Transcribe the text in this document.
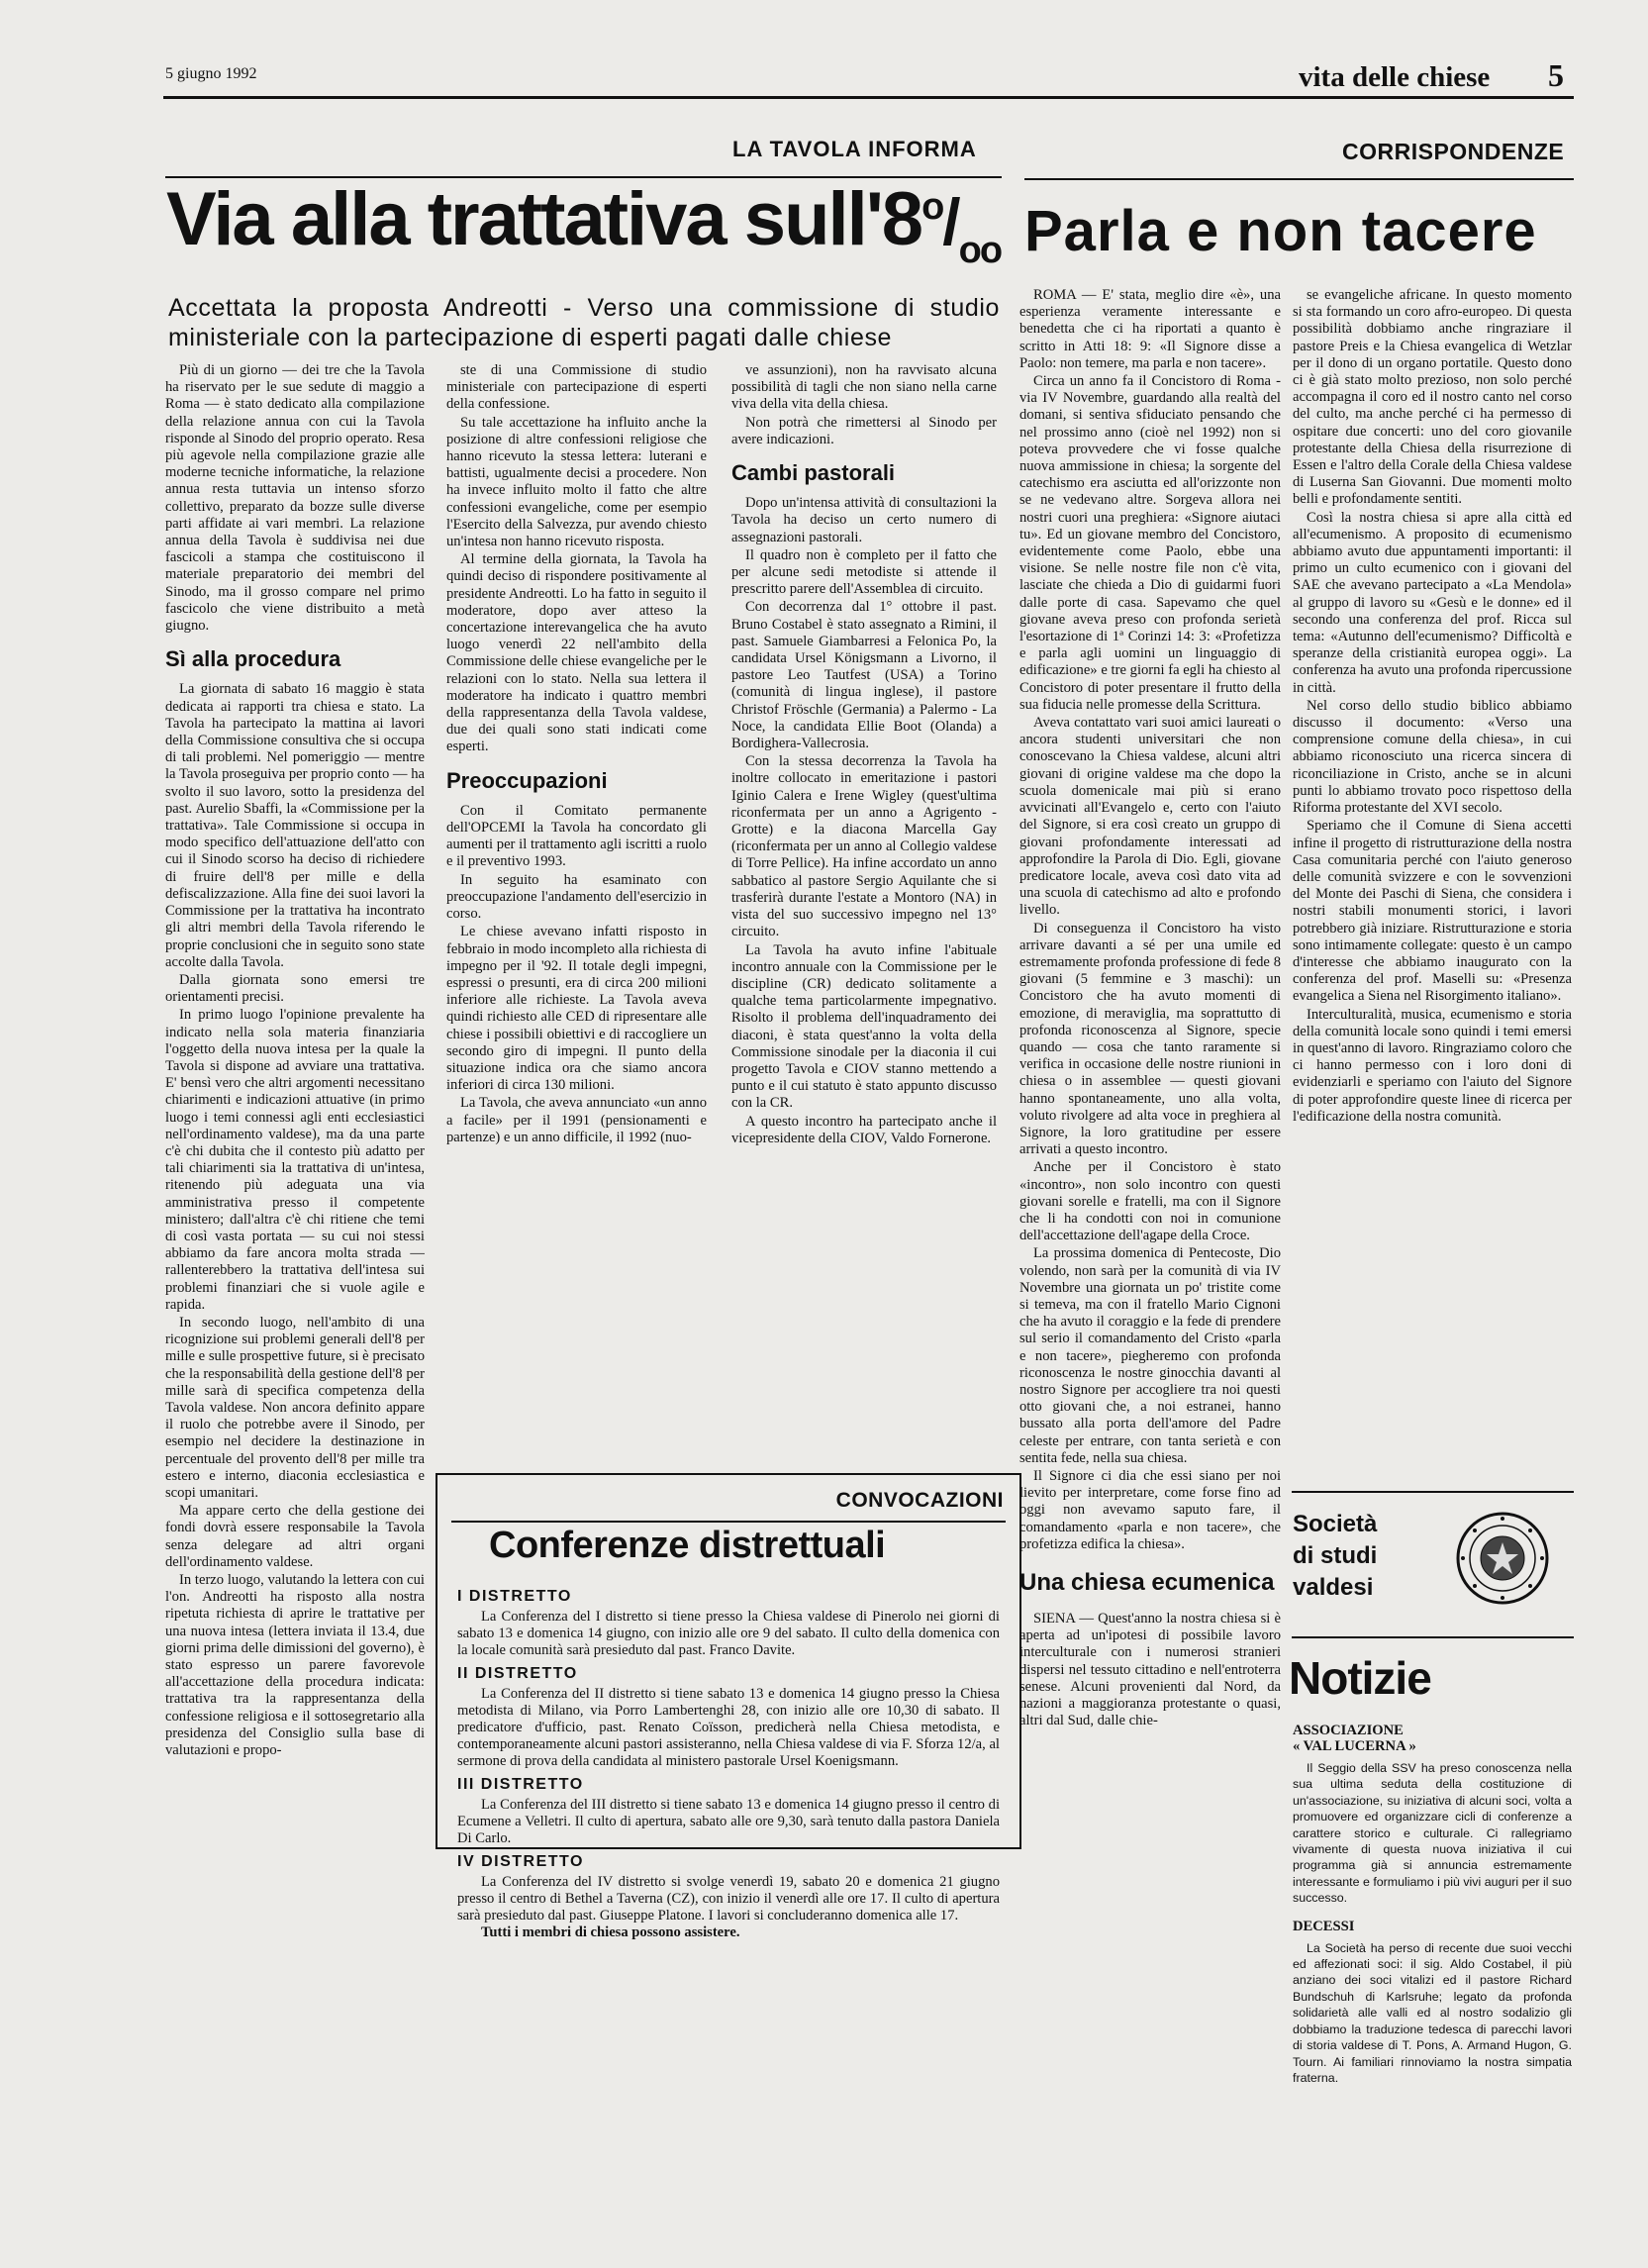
5 giugno 1992	vita delle chiese 5
LA TAVOLA INFORMA	CORRISPONDENZE
Via alla trattativa $sull'8^o/_{oo}$ Parla e non tacere
Accettata la proposta Andreotti - Verso una commissione di studio ministeriale con la partecipazione di esperti pagati dalle chiese

Più di un giorno — dei tre che la Tavola ha riservato per le sue sedute di maggio a Roma — è stato dedicato alla compilazione della relazione annua con cui la Tavola risponde al Sinodo del proprio operato. Resa più agevole nella compilazione grazie alle moderne tecniche informatiche, la relazione annua resta tuttavia un intenso sforzo collettivo, preparato da bozze sulle diverse parti affidate ai vari membri. La relazione annua della Tavola è suddivisa nei due fascicoli a stampa che costituiscono il materiale preparatorio dei membri del Sinodo, ma il grosso compare nel primo fascicolo che viene distribuito a metà giugno.

Sì alla procedura

La giornata di sabato 16 maggio è stata dedicata ai rapporti tra chiesa e stato. La Tavola ha partecipato la mattina ai lavori della Commissione consultiva che si occupa di tali problemi. Nel pomeriggio — mentre la Tavola proseguiva per proprio conto — ha svolto il suo lavoro, sotto la presidenza del past. Aurelio Sbaffi, la «Commissione per la trattativa». Tale Commissione si occupa in modo specifico dell'attuazione dell'atto con cui il Sinodo scorso ha deciso di richiedere di fruire dell'8 per mille e della defiscalizzazione. Alla fine dei suoi lavori la Commissione per la trattativa ha incontrato gli altri membri della Tavola riferendo le proprie conclusioni che in seguito sono state accolte dalla Tavola.

Dalla giornata sono emersi tre orientamenti precisi.

In primo luogo l'opinione prevalente ha indicato nella sola materia finanziaria l'oggetto della nuova intesa per la quale la Tavola si dispone ad avviare una trattativa. E' bensì vero che altri argomenti necessitano chiarimenti e indicazioni attuative (in primo luogo i temi connessi agli enti ecclesiastici nell'ordinamento valdese), ma da una parte c'è chi dubita che il contesto più adatto per tali chiarimenti sia la trattativa di un'intesa, ritenendo più adeguata una via amministrativa presso il competente ministero; dall'altra c'è chi ritiene che temi di così vasta portata — su cui noi stessi abbiamo da fare ancora molta strada — rallenterebbero la trattativa dell'intesa sui problemi finanziari che si vuole agile e rapida.

In secondo luogo, nell'ambito di una ricognizione sui problemi generali dell'8 per mille e sulle prospettive future, si è precisato che la responsabilità della gestione dell'8 per mille sarà di specifica competenza della Tavola valdese. Non ancora definito appare il ruolo che potrebbe avere il Sinodo, per esempio nel decidere la destinazione in percentuale del provento dell'8 per mille tra estero e interno, diaconia ecclesiastica e scopi umanitari.

Ma appare certo che della gestione dei fondi dovrà essere responsabile la Tavola senza delegare ad altri organi dell'ordinamento valdese.

In terzo luogo, valutando la lettera con cui l'on. Andreotti ha risposto alla nostra ripetuta richiesta di aprire le trattative per una nuova intesa (lettera inviata il 13.4, due giorni prima delle dimissioni del governo), è stato espresso un parere favorevole all'accettazione della procedura indicata: trattativa tra la rappresentanza della confessione religiosa e il sottosegretario alla presidenza del Consiglio sulla base di valutazioni e propo-

ste di una Commissione di studio ministeriale con partecipazione di esperti della confessione.

Su tale accettazione ha influito anche la posizione di altre confessioni religiose che hanno ricevuto la stessa lettera: luterani e battisti, ugualmente decisi a procedere. Non ha invece influito molto il fatto che altre confessioni evangeliche, come per esempio l'Esercito della Salvezza, pur avendo chiesto un'intesa non hanno ricevuto risposta.

Al termine della giornata, la Tavola ha quindi deciso di rispondere positivamente al presidente Andreotti. Lo ha fatto in seguito il moderatore, dopo aver atteso la concertazione interevangelica che ha avuto luogo venerdì 22 nell'ambito della Commissione delle chiese evangeliche per le relazioni con lo stato. Nella sua lettera il moderatore ha indicato i quattro membri della rappresentanza della Tavola valdese, due dei quali sono stati indicati come esperti.

Preoccupazioni

Con il Comitato permanente dell'OPCEMI la Tavola ha concordato gli aumenti per il trattamento agli iscritti a ruolo e il preventivo 1993.

In seguito ha esaminato con preoccupazione l'andamento dell'esercizio in corso.

Le chiese avevano infatti risposto in febbraio in modo incompleto alla richiesta di impegno per il '92. Il totale degli impegni, espressi o presunti, era di circa 200 milioni inferiore alle richieste. La Tavola aveva quindi richiesto alle CED di ripresentare alle chiese i possibili obiettivi e di raccogliere un secondo giro di impegni. Il punto della situazione indica ora che siamo ancora inferiori di circa 130 milioni.

La Tavola, che aveva annunciato «un anno a facile» per il 1991 (pensionamenti e partenze) e un anno difficile, il 1992 (nuo-

ve assunzioni), non ha ravvisato alcuna possibilità di tagli che non siano nella carne viva della vita della chiesa.

Non potrà che rimettersi al Sinodo per avere indicazioni.

Cambi pastorali

Dopo un'intensa attività di consultazioni la Tavola ha deciso un certo numero di assegnazioni pastorali.

Il quadro non è completo per il fatto che per alcune sedi metodiste si attende il prescritto parere dell'Assemblea di circuito.

Con decorrenza dal 1° ottobre il past. Bruno Costabel è stato assegnato a Rimini, il past. Samuele Giambarresi a Felonica Po, la candidata Ursel Königsmann a Livorno, il pastore Leo Tautfest (USA) a Torino (comunità di lingua inglese), il pastore Christof Fröschle (Germania) a Palermo - La Noce, la candidata Ellie Boot (Olanda) a Bordighera-Vallecrosia.

Con la stessa decorrenza la Tavola ha inoltre collocato in emeritazione i pastori Iginio Calera e Irene Wigley (quest'ultima riconfermata per un anno a Agrigento - Grotte) e la diacona Marcella Gay (riconfermata per un anno al Collegio valdese di Torre Pellice). Ha infine accordato un anno sabbatico al pastore Sergio Aquilante che si trasferirà durante l'estate a Montoro (NA) in vista del suo successivo impegno nel 13° circuito.

La Tavola ha avuto infine l'abituale incontro annuale con la Commissione per le discipline (CR) dedicato solitamente a qualche tema particolarmente impegnativo. Risolto il problema dell'inquadramento dei diaconi, è stata quest'anno la volta della Commissione sinodale per la diaconia il cui progetto Tavola e CIOV stanno mettendo a punto e il cui statuto è stato appunto discusso con la CR.

A questo incontro ha partecipato anche il vicepresidente della CIOV, Valdo Fornerone.

CONVOCAZIONI
Conferenze distrettuali
I DISTRETTO

La Conferenza del I distretto si tiene presso la Chiesa valdese di Pinerolo nei giorni di sabato 13 e domenica 14 giugno, con inizio alle ore 9 del sabato. Il culto della domenica con la locale comunità sarà presieduto dal past. Franco Davite.

II DISTRETTO

La Conferenza del II distretto si tiene sabato 13 e domenica 14 giugno presso la Chiesa metodista di Milano, via Porro Lambertenghi 28, con inizio alle ore 10,30 di sabato. Il predicatore d'ufficio, past. Renato Coïsson, predicherà nella Chiesa metodista, e contemporaneamente alcuni pastori assisteranno, nella Chiesa valdese di via F. Sforza 12/a, al sermone di prova della candidata al ministero pastorale Ursel Koenigsmann.

III DISTRETTO

La Conferenza del III distretto si tiene sabato 13 e domenica 14 giugno presso il centro di Ecumene a Velletri. Il culto di apertura, sabato alle ore 9,30, sarà tenuto dalla pastora Daniela Di Carlo.

IV DISTRETTO

La Conferenza del IV distretto si svolge venerdì 19, sabato 20 e domenica 21 giugno presso il centro di Bethel a Taverna (CZ), con inizio il venerdì alle ore 17. Il culto di apertura sarà presieduto dal past. Giuseppe Platone. I lavori si concluderanno domenica alle 17.

Tutti i membri di chiesa possono assistere.

ROMA — E' stata, meglio dire «è», una esperienza veramente interessante e benedetta che ci ha riportati a quanto è scritto in Atti 18: 9: «Il Signore disse a Paolo: non temere, ma parla e non tacere».

Circa un anno fa il Concistoro di Roma - via IV Novembre, guardando alla realtà del domani, si sentiva sfiduciato pensando che nel prossimo anno (cioè nel 1992) non si poteva provvedere che vi fosse qualche nuova ammissione in chiesa; la sorgente del catechismo era asciutta ed all'orizzonte non se ne vedevano altre. Sorgeva allora nei nostri cuori una preghiera: «Signore aiutaci tu». Ed un giovane membro del Concistoro, evidentemente come Paolo, ebbe una visione. Se nelle nostre file non c'è vita, lasciate che chieda a Dio di guidarmi fuori dalle porte di casa. Sapevamo che quel giovane aveva preso con profonda serietà l'esortazione di 1ª Corinzi 14: 3: «Profetizza e parla agli uomini un linguaggio di edificazione» e tre giorni fa egli ha chiesto al Concistoro di poter presentare il frutto della sua fiducia nelle promesse della Scrittura.

Aveva contattato vari suoi amici laureati o ancora studenti universitari che non conoscevano la Chiesa valdese, alcuni altri giovani di origine valdese ma che dopo la scuola domenicale mai più si erano avvicinati all'Evangelo e, certo con l'aiuto del Signore, si era così creato un gruppo di giovani profondamente interessati ad approfondire la Parola di Dio. Egli, giovane predicatore locale, aveva così dato vita ad una scuola di catechismo ad alto e profondo livello.

Di conseguenza il Concistoro ha visto arrivare davanti a sé per una umile ed estremamente profonda professione di fede 8 giovani (5 femmine e 3 maschi): un Concistoro che ha avuto momenti di emozione, di meraviglia, ma soprattutto di profonda riconoscenza al Signore, specie quando — cosa che tanto raramente si verifica in occasione delle nostre riunioni in chiesa o in assemblee — questi giovani hanno spontaneamente, uno alla volta, voluto rivolgere ad alta voce in preghiera al Signore, la loro gratitudine per essere arrivati a questo incontro.

Anche per il Concistoro è stato «incontro», non solo incontro con questi giovani sorelle e fratelli, ma con il Signore che li ha condotti con noi in comunione dell'accettazione dell'agape della Croce.

La prossima domenica di Pentecoste, Dio volendo, non sarà per la comunità di via IV Novembre una giornata un po' tristite come si temeva, ma con il fratello Mario Cignoni che ha avuto il coraggio e la fede di prendere sul serio il comandamento del Cristo «parla e non tacere», piegheremo con profonda riconoscenza le nostre ginocchia davanti al nostro Signore per accogliere tra noi questi otto giovani che, a noi estranei, hanno bussato alla porta dell'amore del Padre celeste per entrare, con tanta serietà e con sentita fede, nella sua chiesa.

Il Signore ci dia che essi siano per noi lievito per interpretare, come forse fino ad oggi non avevamo saputo fare, il comandamento «parla e non tacere», che profetizza edifica la chiesa».

Una chiesa ecumenica

SIENA — Quest'anno la nostra chiesa si è aperta ad un'ipotesi di possibile lavoro interculturale con i numerosi stranieri dispersi nel tessuto cittadino e nell'entroterra senese. Alcuni provenienti dal Nord, da nazioni a maggioranza protestante o quasi, altri dal Sud, dalle chie-

se evangeliche africane. In questo momento si sta formando un coro afro-europeo. Di questa possibilità dobbiamo anche ringraziare il pastore Preis e la Chiesa evangelica di Wetzlar per il dono di un organo portatile. Questo dono ci è già stato molto prezioso, non solo perché accompagna il coro ed il nostro canto nel corso del culto, ma anche perché ci ha permesso di ospitare due concerti: uno del coro giovanile protestante della Chiesa della risurrezione di Essen e l'altro della Corale della Chiesa valdese di Luserna San Giovanni. Due momenti molto belli e profondamente sentiti.

Così la nostra chiesa si apre alla città ed all'ecumenismo. A proposito di ecumenismo abbiamo avuto due appuntamenti importanti: il primo un culto ecumenico con i giovani del SAE che avevano partecipato a «La Mendola» al gruppo di lavoro su «Gesù e le donne» ed il secondo una conferenza del prof. Ricca sul tema: «Autunno dell'ecumenismo? Difficoltà e speranze della cristianità europea oggi». La conferenza ha avuto una profonda ripercussione in città.

Nel corso dello studio biblico abbiamo discusso il documento: «Verso una comprensione comune della chiesa», in cui abbiamo riconosciuto una ricerca sincera di riconciliazione in Cristo, anche se in alcuni punti lo abbiamo trovato poco rispettoso della Riforma protestante del XVI secolo.

Speriamo che il Comune di Siena accetti infine il progetto di ristrutturazione della nostra Casa comunitaria perché con l'aiuto generoso delle comunità svizzere e con le sovvenzioni del Monte dei Paschi di Siena, che considera i nostri stabili monumenti storici, i lavori potrebbero già iniziare. Ristrutturazione e storia sono intimamente collegate: questo è un campo d'interesse che abbiamo inaugurato con la conferenza del prof. Maselli su: «Presenza evangelica a Siena nel Risorgimento italiano».

Interculturalità, musica, ecumenismo e storia della comunità locale sono quindi i temi emersi in quest'anno di lavoro. Ringraziamo coloro che ci hanno permesso con i loro doni di evidenziarli e speriamo con l'aiuto del Signore di poter approfondire queste linee di ricerca per l'edificazione della nostra comunità.

Società
di studi
valdesi
Notizie
ASSOCIAZIONE
« VAL LUCERNA »
Il Seggio della SSV ha preso conoscenza nella sua ultima seduta della costituzione di un'associazione, su iniziativa di alcuni soci, volta a promuovere ed organizzare cicli di conferenze a carattere storico e culturale. Ci rallegriamo vivamente di questa nuova iniziativa il cui programma già si annuncia estremamente interessante e formuliamo i più vivi auguri per il suo successo.
DECESSI
La Società ha perso di recente due suoi vecchi ed affezionati soci: il sig. Aldo Costabel, il più anziano dei soci vitalizi ed il pastore Richard Bundschuh di Karlsruhe; legato da profonda solidarietà alle valli ed al nostro sodalizio gli dobbiamo la traduzione tedesca di parecchi lavori di storia valdese di T. Pons, A. Armand Hugon, G. Tourn. Ai familiari rinnoviamo la nostra simpatia fraterna.
